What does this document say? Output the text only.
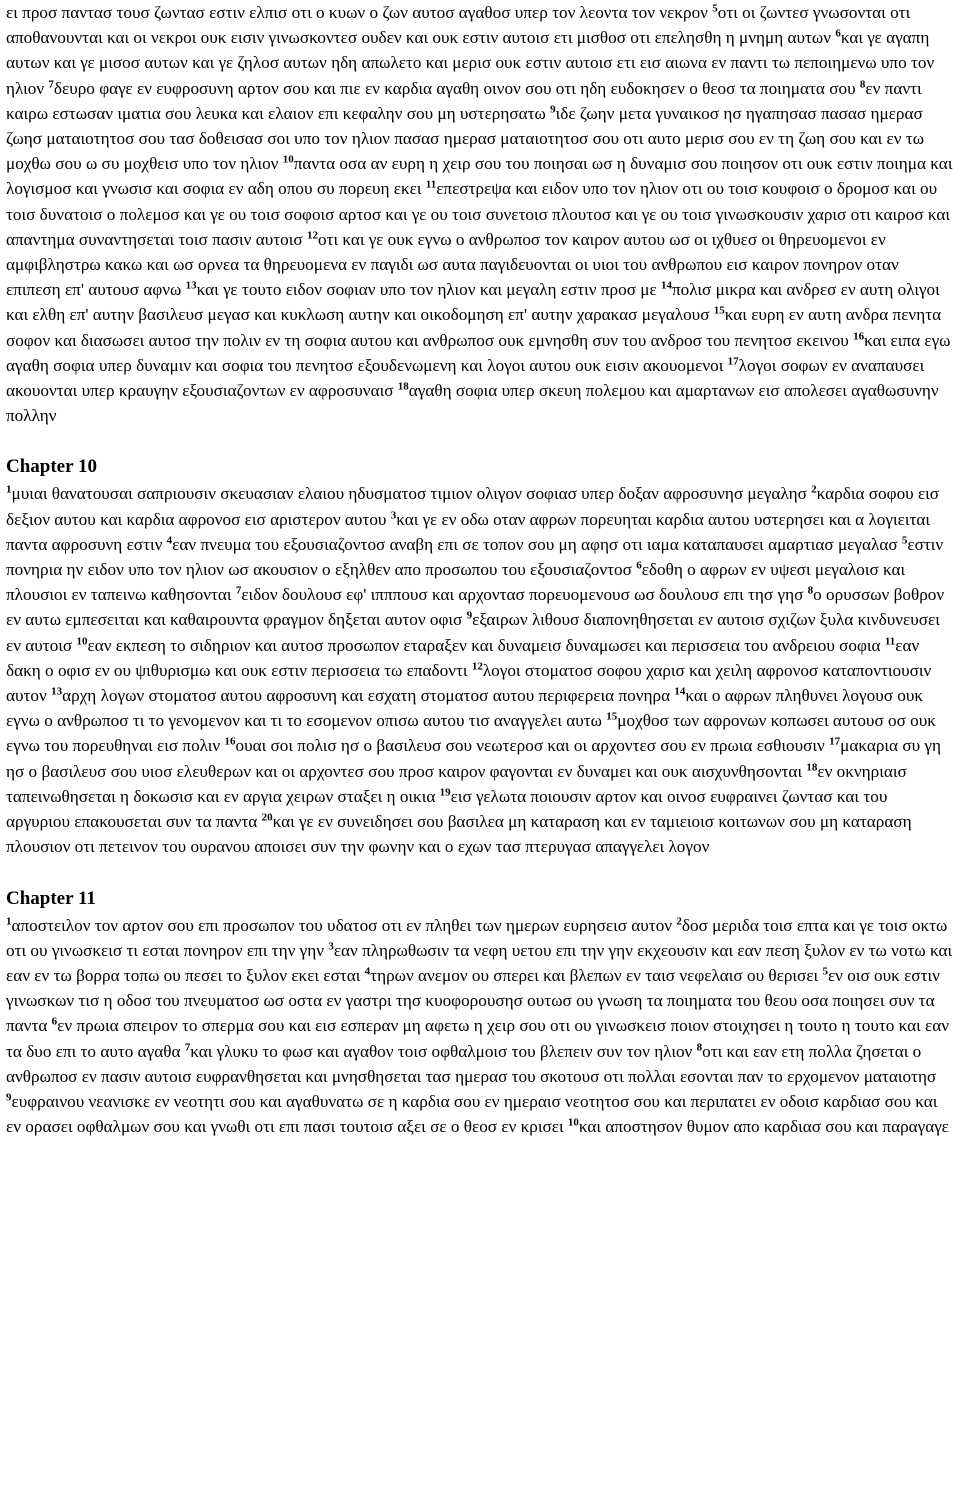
ει προσ παντασ τουσ ζωντασ εστιν ελπισ οτι ο κυων ο ζων αυτοσ αγαθοσ υπερ τον λεοντα τον νεκρον $^5$οτι οι ζωντεσ γνωσονται οτι αποθανουνται και οι νεκροι ουκ εισιν γινωσκοντεσ ουδεν και ουκ εστιν αυτοισ ετι μισθοσ οτι επελησθη η μνημη αυτων $^6$και γε αγαπη αυτων και γε μισοσ αυτων και γε ζηλοσ αυτων ηδη απωλετο και μερισ ουκ εστιν αυτοισ ετι εισ αιωνα εν παντι τω πεποιημενω υπο τον ηλιον $^7$δευρο φαγε εν ευφροσυνη αρτον σου και πιε εν καρδια αγαθη οινον σου οτι ηδη ευδοκησεν ο θεοσ τα ποιηματα σου $^8$εν παντι καιρω εστωσαν ιματια σου λευκα και ελαιον επι κεφαλην σου μη υστερησατω $^9$ιδε ζωην μετα γυναικοσ ησ ηγαπησασ πασασ ημερασ ζωησ ματαιοτητοσ σου τασ δοθεισασ σοι υπο τον ηλιον πασασ ημερασ ματαιοτητοσ σου οτι αυτο μερισ σου εν τη ζωη σου και εν τω μοχθω σου ω συ μοχθεισ υπο τον ηλιον $^{10}$παντα οσα αν ευρη η χειρ σου του ποιησαι ωσ η δυναμισ σου ποιησον οτι ουκ εστιν ποιημα και λογισμοσ και γνωσισ και σοφια εν αδη οπου συ πορευη εκει $^{11}$επεστρεψα και ειδον υπο τον ηλιον οτι ου τοισ κουφοισ ο δρομοσ και ου τοισ δυνατοισ ο πολεμοσ και γε ου τοισ σοφοισ αρτοσ και γε ου τοισ συνετοισ πλουτοσ και γε ου τοισ γινωσκουσιν χαρισ οτι καιροσ και απαντημα συναντησεται τοισ πασιν αυτοισ $^{12}$οτι και γε ουκ εγνω ο ανθρωποσ τον καιρον αυτου ωσ οι ιχθυεσ οι θηρευομενοι εν αμφιβληστρω κακω και ωσ ορνεα τα θηρευομενα εν παγιδι ωσ αυτα παγιδευονται οι υιοι του ανθρωπου εισ καιρον πονηρον οταν επιπεση επ' αυτουσ αφνω $^{13}$και γε τουτο ειδον σοφιαν υπο τον ηλιον και μεγαλη εστιν προσ με $^{14}$πολισ μικρα και ανδρεσ εν αυτη ολιγοι και ελθη επ' αυτην βασιλευσ μεγασ και κυκλωση αυτην και οικοδομηση επ' αυτην χαρακασ μεγαλουσ $^{15}$και ευρη εν αυτη ανδρα πενητα σοφον και διασωσει αυτοσ την πολιν εν τη σοφια αυτου και ανθρωποσ ουκ εμνησθη συν του ανδροσ του πενητοσ εκεινου $^{16}$και ειπα εγω αγαθη σοφια υπερ δυναμιν και σοφια του πενητοσ εξουδενωμενη και λογοι αυτου ουκ εισιν ακουομενοι $^{17}$λογοι σοφων εν αναπαυσει ακουονται υπερ κραυγην εξουσιαζοντων εν αφροσυναισ $^{18}$αγαθη σοφια υπερ σκευη πολεμου και αμαρτανων εισ απολεσει αγαθωσυνην πολλην
Chapter 10
$^1$μυιαι θανατουσαι σαπριουσιν σκευασιαν ελαιου ηδυσματοσ τιμιον ολιγον σοφιασ υπερ δοξαν αφροσυνησ μεγαλησ $^2$καρδια σοφου εισ δεξιον αυτου και καρδια αφρονοσ εισ αριστερον αυτου $^3$και γε εν οδω οταν αφρων πορευηται καρδια αυτου υστερησει και α λογιειται παντα αφροσυνη εστιν $^4$εαν πνευμα του εξουσιαζοντοσ αναβη επι σε τοπον σου μη αφησ οτι ιαμα καταπαυσει αμαρτιασ μεγαλασ $^5$εστιν πονηρια ην ειδον υπο τον ηλιον ωσ ακουσιον ο εξηλθεν απο προσωπου του εξουσιαζοντοσ $^6$εδοθη ο αφρων εν υψεσι μεγαλοισ και πλουσιοι εν ταπεινω καθησονται $^7$ειδον δουλουσ εφ' ιπππουσ και αρχοντασ πορευομενουσ ωσ δουλουσ επι τησ γησ $^8$ο ορυσσων βοθρον εν αυτω εμπεσειται και καθαιρουντα φραγμον δηξεται αυτον οφισ $^9$εξαιρων λιθουσ διαπονηθησεται εν αυτοισ σχιζων ξυλα κινδυνευσει εν αυτοισ $^{10}$εαν εκπεση το σιδηριον και αυτοσ προσωπον εταραξεν και δυναμεισ δυναμωσει και περισσεια του ανδρειου σοφια $^{11}$εαν δακη ο οφισ εν ου ψιθυρισμω και ουκ εστιν περισσεια τω επαδοντι $^{12}$λογοι στοματοσ σοφου χαρισ και χειλη αφρονοσ καταποντιουσιν αυτον $^{13}$αρχη λογων στοματοσ αυτου αφροσυνη και εσχατη στοματοσ αυτου περιφερεια πονηρα $^{14}$και ο αφρων πληθυνει λογουσ ουκ εγνω ο ανθρωποσ τι το γενομενον και τι το εσομενον οπισω αυτου τισ αναγγελει αυτω $^{15}$μοχθοσ των αφρονων κοπωσει αυτουσ οσ ουκ εγνω του πορευθηναι εισ πολιν $^{16}$ουαι σοι πολισ ησ ο βασιλευσ σου νεωτεροσ και οι αρχοντεσ σου εν πρωια εσθιουσιν $^{17}$μακαρια συ γη ησ ο βασιλευσ σου υιοσ ελευθερων και οι αρχοντεσ σου προσ καιρον φαγονται εν δυναμει και ουκ αισχυνθησονται $^{18}$εν οκνηριαισ ταπεινωθησεται η δοκωσισ και εν αργια χειρων σταξει η οικια $^{19}$εισ γελωτα ποιουσιν αρτον και οινοσ ευφραινει ζωντασ και του αργυριου επακουσεται συν τα παντα $^{20}$και γε εν συνειδησει σου βασιλεα μη καταραση και εν ταμιειοισ κοιτωνων σου μη καταραση πλουσιον οτι πετεινον του ουρανου αποισει συν την φωνην και ο εχων τασ πτερυγασ απαγγελει λογον
Chapter 11
$^1$αποστειλον τον αρτον σου επι προσωπον του υδατοσ οτι εν πληθει των ημερων ευρησεισ αυτον $^2$δοσ μεριδα τοισ επτα και γε τοισ οκτω οτι ου γινωσκεισ τι εσται πονηρον επι την γην $^3$εαν πληρωθωσιν τα νεφη υετου επι την γην εκχεουσιν και εαν πεση ξυλον εν τω νοτω και εαν εν τω βορρα τοπω ου πεσει το ξυλον εκει εσται $^4$τηρων ανεμον ου σπερει και βλεπων εν ταισ νεφελαισ ου θερισει $^5$εν οισ ουκ εστιν γινωσκων τισ η οδοσ του πνευματοσ ωσ οστα εν γαστρι τησ κυοφορουσησ ουτωσ ου γνωση τα ποιηματα του θεου οσα ποιησει συν τα παντα $^6$εν πρωια σπειρον το σπερμα σου και εισ εσπεραν μη αφετω η χειρ σου οτι ου γινωσκεισ ποιον στοιχησει η τουτο η τουτο και εαν τα δυο επι το αυτο αγαθα $^7$και γλυκυ το φωσ και αγαθον τοισ οφθαλμοισ του βλεπειν συν τον ηλιον $^8$οτι και εαν ετη πολλα ζησεται ο ανθρωποσ εν πασιν αυτοισ ευφρανθησεται και μνησθησεται τασ ημερασ του σκοτουσ οτι πολλαι εσονται παν το ερχομενον ματαιοτησ $^9$ευφραινου νεανισκε εν νεοτητι σου και αγαθυνατω σε η καρδια σου εν ημεραισ νεοτητοσ σου και περιπατει εν οδοισ καρδιασ σου και εν ορασει οφθαλμων σου και γνωθι οτι επι πασι τουτοισ αξει σε ο θεοσ εν κρισει $^{10}$και αποστησον θυμον απο καρδιασ σου και παραγαγε
